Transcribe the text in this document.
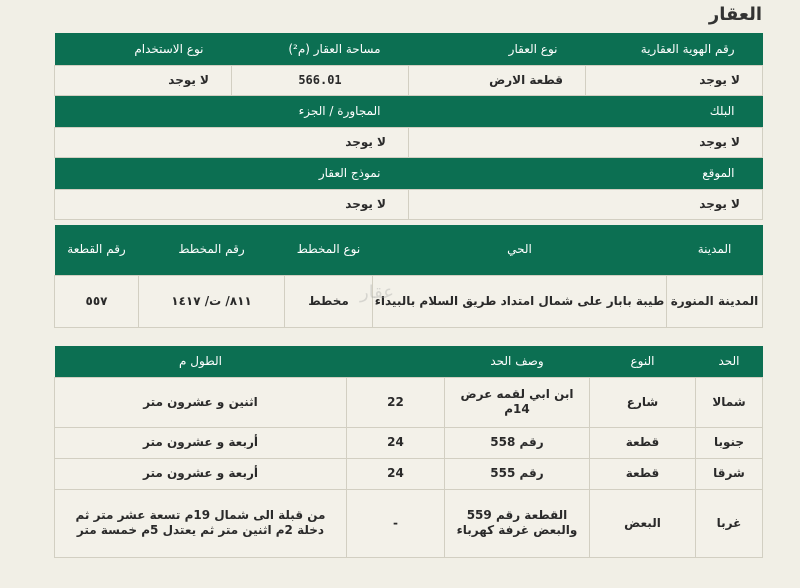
العقار
رقم الهوية العقارية	نوع العقار	مساحة العقار (م²)	نوع الاستخدام
لا يوجد	قطعة الارض	566.01	لا يوجد
البلك		المجاورة / الجزء	
لا يوجد		لا يوجد	
الموقع		نموذج العقار	
لا يوجد		لا يوجد	
المدينة	الحي	نوع المخطط	رقم المخطط	رقم القطعة
المدينة المنورة	طيبة بابار على شمال امتداد طريق السلام بالبيداء	مخطط	٨١١/ ت/ ١٤١٧	٥٥٧
الحد	النوع	وصف الحد		الطول م
شمالا	شارع	ابن ابي لقمه عرض 14م	22	اثنين و عشرون متر
جنوبا	قطعة	رقم 558	24	أربعة و عشرون متر
شرقا	قطعة	رقم 555	24	أربعة و عشرون متر
غربا	البعض	القطعة رقم 559 والبعض غرفة كهرباء	-	من قبلة الى شمال 19م تسعة عشر متر ثم دخلة 2م اثنين متر ثم يعتدل 5م خمسة متر
عقار
